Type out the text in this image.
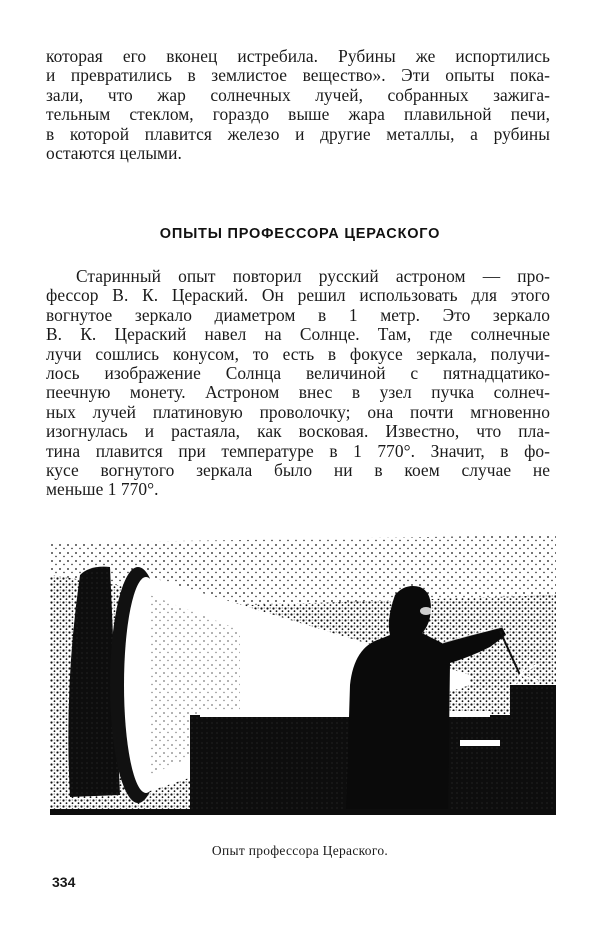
которая его вконец истребила. Рубины же испортились
и превратились в землистое вещество». Эти опыты пока-
зали, что жар солнечных лучей, собранных зажига-
тельным стеклом, гораздо выше жара плавильной печи,
в которой плавится железо и другие металлы, а рубины
остаются целыми.
ОПЫТЫ ПРОФЕССОРА ЦЕРАСКОГО
Старинный опыт повторил русский астроном — про-
фессор В. К. Цераский. Он решил использовать для этого
вогнутое зеркало диаметром в 1 метр. Это зеркало
В. К. Цераский навел на Солнце. Там, где солнечные
лучи сошлись конусом, то есть в фокусе зеркала, получи-
лось изображение Солнца величиной с пятнадцатико-
пеечную монету. Астроном внес в узел пучка солнеч-
ных лучей платиновую проволочку; она почти мгновенно
изогнулась и растаяла, как восковая. Известно, что пла-
тина плавится при температуре в 1 770°. Значит, в фо-
кусе вогнутого зеркала было ни в коем случае не
меньше 1 770°.
Опыт профессора Цераского.
334
